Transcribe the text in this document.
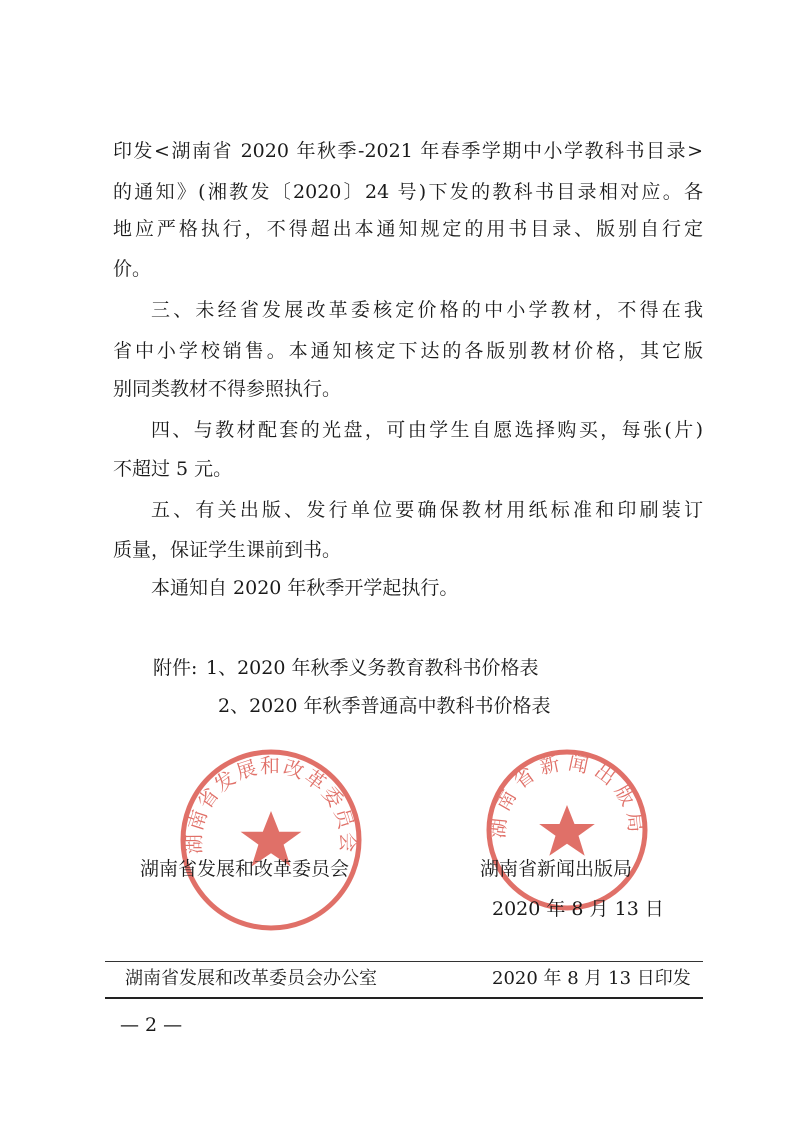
湖南省发展和改革委员会
湖南省新闻出版局
印发<湖南省 2020 年秋季-2021 年春季学期中小学教科书目录>
的通知》(湘教发〔2020〕24 号)下发的教科书目录相对应。各
地应严格执行，不得超出本通知规定的用书目录、版别自行定
价。
三、未经省发展改革委核定价格的中小学教材，不得在我
省中小学校销售。本通知核定下达的各版别教材价格，其它版
别同类教材不得参照执行。
四、与教材配套的光盘，可由学生自愿选择购买，每张(片)
不超过 5 元。
五、有关出版、发行单位要确保教材用纸标准和印刷装订
质量，保证学生课前到书。
本通知自 2020 年秋季开学起执行。
附件: 1、2020 年秋季义务教育教科书价格表
2、2020 年秋季普通高中教科书价格表
湖南省发展和改革委员会	湖南省新闻出版局
2020 年 8 月 13 日
湖南省发展和改革委员会办公室	2020 年 8 月 13 日印发
— 2 —
